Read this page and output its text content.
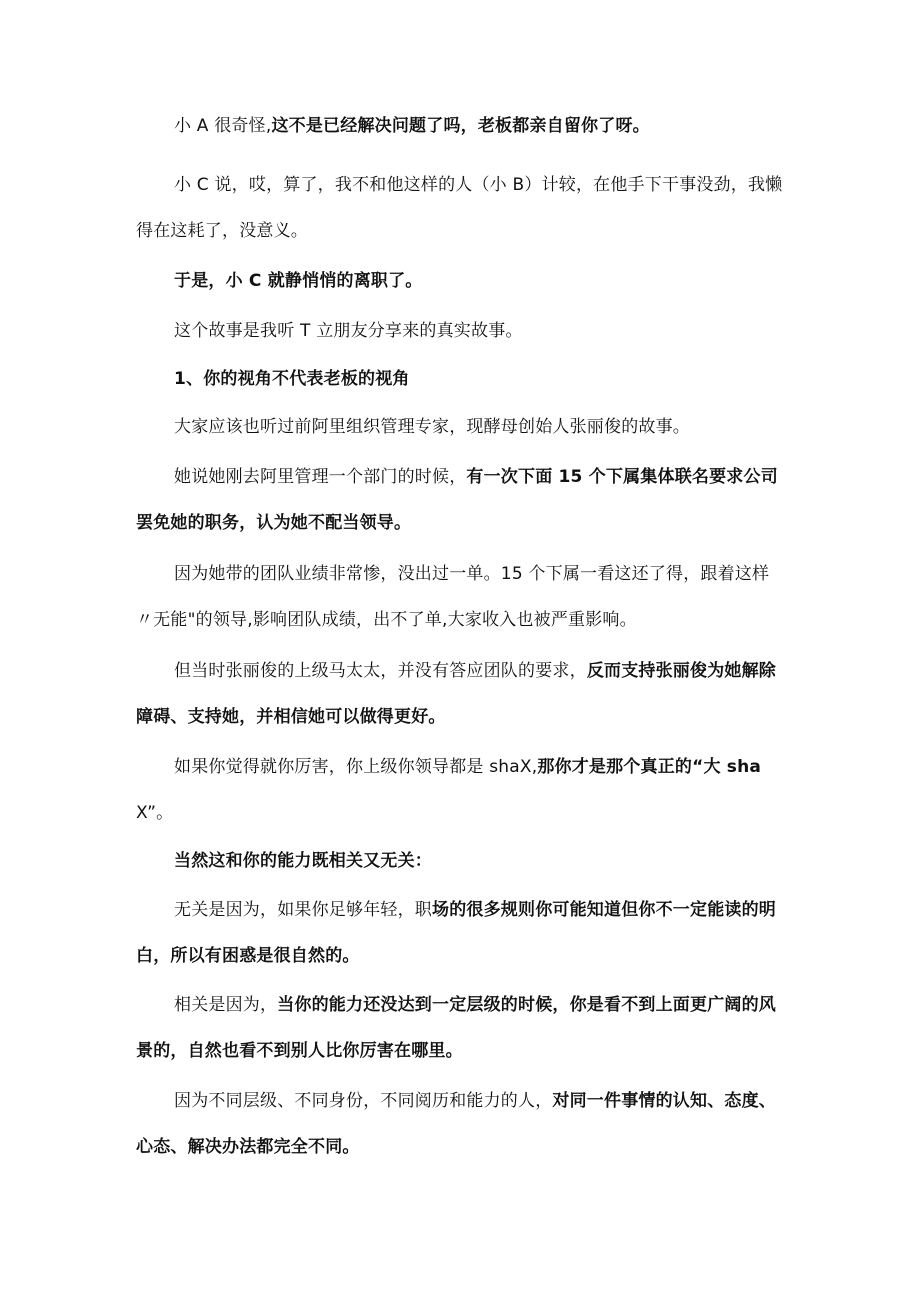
小 A 很奇怪,这不是已经解决问题了吗，老板都亲自留你了呀。

小 C 说，哎，算了，我不和他这样的人（小 B）计较，在他手下干事没劲，我懒得在这耗了，没意义。

于是，小 C 就静悄悄的离职了。

这个故事是我听 T 立朋友分享来的真实故事。

1、你的视角不代表老板的视角

大家应该也听过前阿里组织管理专家，现酵母创始人张丽俊的故事。

她说她刚去阿里管理一个部门的时候，有一次下面 15 个下属集体联名要求公司罢免她的职务，认为她不配当领导。

因为她带的团队业绩非常惨，没出过一单。15 个下属一看这还了得，跟着这样〃无能"的领导,影响团队成绩，出不了单,大家收入也被严重影响。

但当时张丽俊的上级马太太，并没有答应团队的要求，反而支持张丽俊为她解除障碍、支持她，并相信她可以做得更好。

如果你觉得就你厉害，你上级你领导都是 shaX,那你才是那个真正的“大 shaX”。

当然这和你的能力既相关又无关：

无关是因为，如果你足够年轻，职场的很多规则你可能知道但你不一定能读的明白，所以有困惑是很自然的。

相关是因为，当你的能力还没达到一定层级的时候，你是看不到上面更广阔的风景的，自然也看不到别人比你厉害在哪里。

因为不同层级、不同身份，不同阅历和能力的人，对同一件事情的认知、态度、心态、解决办法都完全不同。
